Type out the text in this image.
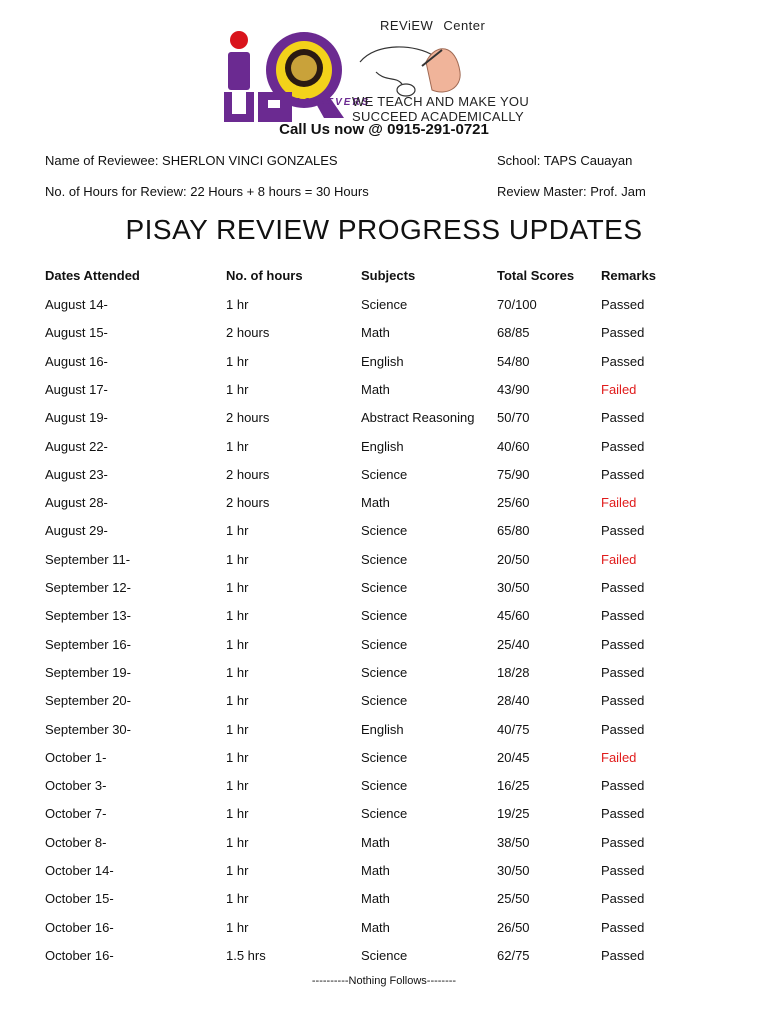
ACHIEVERS
REViEW Center
WE TEACH AND MAKE YOU
SUCCEED ACADEMICALLY
Call Us now @ 0915-291-0721
Name of Reviewee: SHERLON VINCI GONZALES	School: TAPS Cauayan
No. of Hours for Review: 22 Hours + 8 hours = 30 Hours	Review Master: Prof. Jam
PISAY REVIEW PROGRESS UPDATES
Dates Attended	No. of hours	Subjects	Total Scores Remarks
August 14-	1 hr	Science	70/100	Passed
August 15-	2 hours	Math	68/85	Passed
August 16-	1 hr	English	54/80	Passed
August 17-	1 hr	Math	43/90	Failed
August 19-	2 hours	Abstract Reasoning 50/70	Passed
August 22-	1 hr	English	40/60	Passed
August 23-	2 hours	Science	75/90	Passed
August 28-	2 hours	Math	25/60	Failed
August 29-	1 hr	Science	65/80	Passed
September 11-	1 hr	Science	20/50	Failed
September 12-	1 hr	Science	30/50	Passed
September 13-	1 hr	Science	45/60	Passed
September 16-	1 hr	Science	25/40	Passed
September 19-	1 hr	Science	18/28	Passed
September 20-	1 hr	Science	28/40	Passed
September 30-	1 hr	English	40/75	Passed
October 1-	1 hr	Science	20/45	Failed
October 3-	1 hr	Science	16/25	Passed
October 7-	1 hr	Science	19/25	Passed
October 8-	1 hr	Math	38/50	Passed
October 14-	1 hr	Math	30/50	Passed
October 15-	1 hr	Math	25/50	Passed
October 16-	1 hr	Math	26/50	Passed
October 16-	1.5 hrs	Science	62/75	Passed
----------Nothing Follows--------
